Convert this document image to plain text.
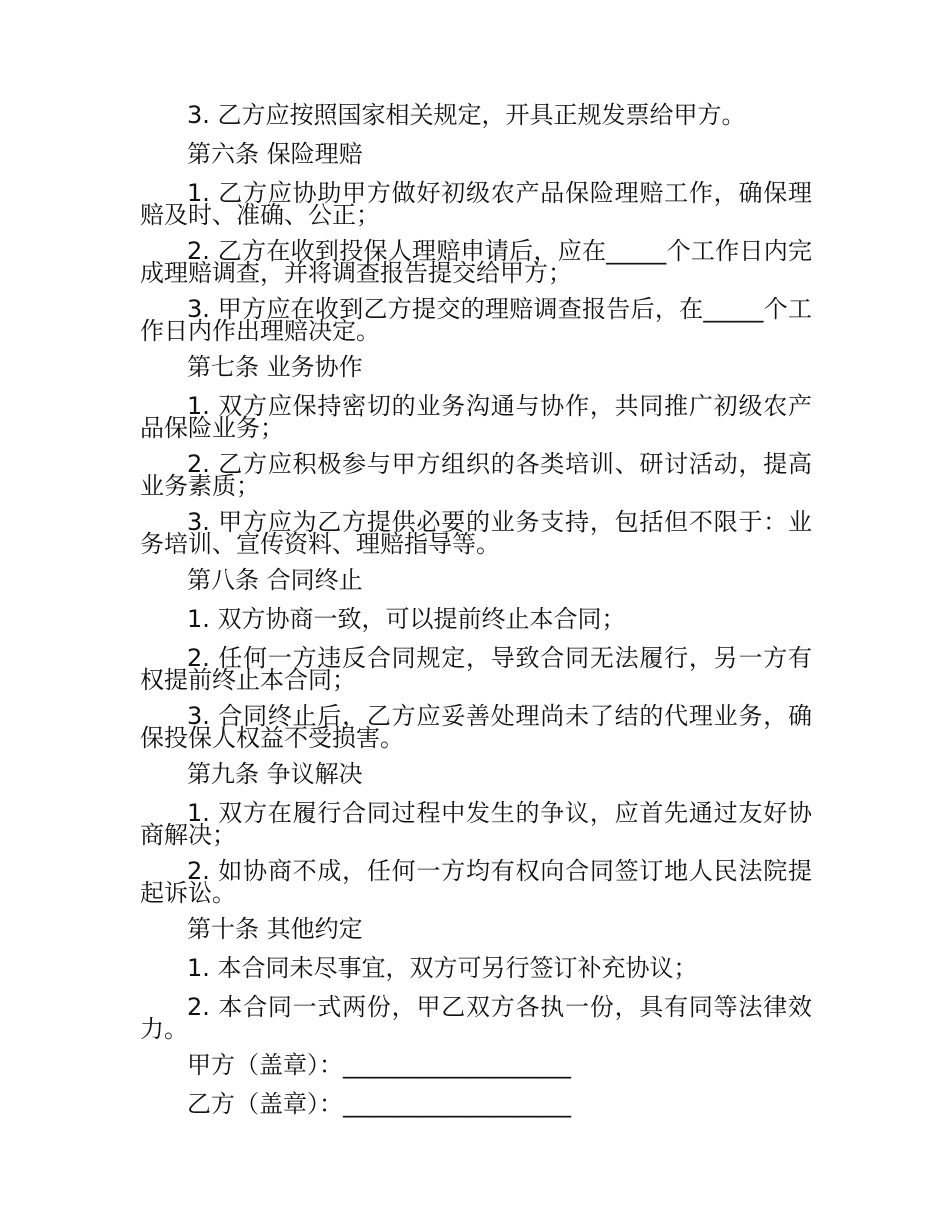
3. 乙方应按照国家相关规定，开具正规发票给甲方。

第六条 保险理赔

1. 乙方应协助甲方做好初级农产品保险理赔工作，确保理赔及时、准确、公正；

2. 乙方在收到投保人理赔申请后，应在_____个工作日内完成理赔调查，并将调查报告提交给甲方；

3. 甲方应在收到乙方提交的理赔调查报告后，在_____个工作日内作出理赔决定。

第七条 业务协作

1. 双方应保持密切的业务沟通与协作，共同推广初级农产品保险业务；

2. 乙方应积极参与甲方组织的各类培训、研讨活动，提高业务素质；

3. 甲方应为乙方提供必要的业务支持，包括但不限于：业务培训、宣传资料、理赔指导等。

第八条 合同终止

1. 双方协商一致，可以提前终止本合同；

2. 任何一方违反合同规定，导致合同无法履行，另一方有权提前终止本合同；

3. 合同终止后，乙方应妥善处理尚未了结的代理业务，确保投保人权益不受损害。

第九条 争议解决

1. 双方在履行合同过程中发生的争议，应首先通过友好协商解决；

2. 如协商不成，任何一方均有权向合同签订地人民法院提起诉讼。

第十条 其他约定

1. 本合同未尽事宜，双方可另行签订补充协议；

2. 本合同一式两份，甲乙双方各执一份，具有同等法律效力。

甲方（盖章）：___________________

乙方（盖章）：___________________
